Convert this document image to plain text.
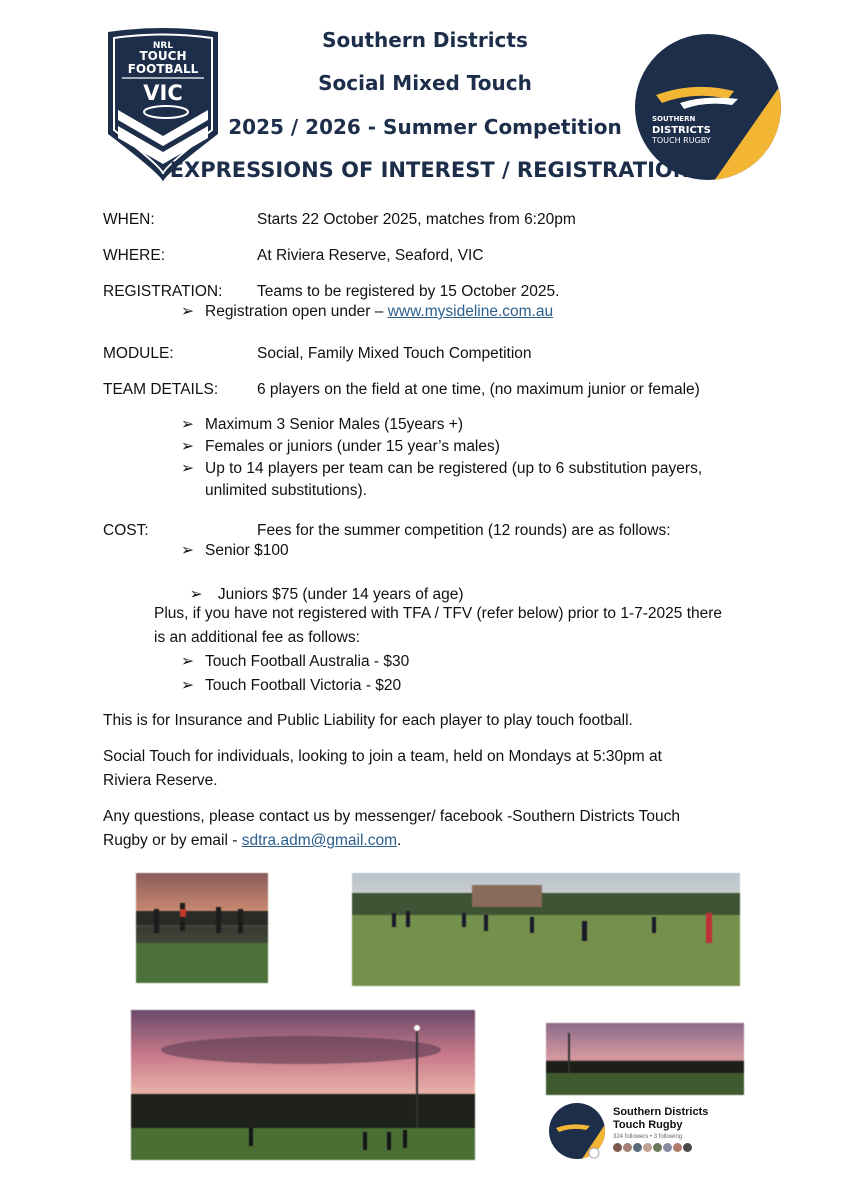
NRL
TOUCH
FOOTBALL
VIC
SOUTHERN
DISTRICTS
TOUCH RUGBY
Southern Districts
Social Mixed Touch
2025 / 2026 - Summer Competition
EXPRESSIONS OF INTEREST / REGISTRATION
WHEN:	Starts 22 October 2025, matches from 6:20pm
WHERE:	At Riviera Reserve, Seaford, VIC
REGISTRATION: Teams to be registered by 15 October 2025.
➢ Registration open under – www.mysideline.com.au
MODULE:	Social, Family Mixed Touch Competition
TEAM DETAILS:	6 players on the field at one time, (no maximum junior or female)
➢ Maximum 3 Senior Males (15years +)
➢ Females or juniors (under 15 year’s males)
➢ Up to 14 players per team can be registered (up to 6 substitution payers,
unlimited substitutions).
COST:	Fees for the summer competition (12 rounds) are as follows:
➢ Senior $100

➢ Juniors $75 (under 14 years of age)

Plus, if you have not registered with TFA / TFV (refer below) prior to 1-7-2025 there
is an additional fee as follows:
➢ Touch Football Australia - $30
➢ Touch Football Victoria - $20
This is for Insurance and Public Liability for each player to play touch football.
Social Touch for individuals, looking to join a team, held on Mondays at 5:30pm at
Riviera Reserve.
Any questions, please contact us by messenger/ facebook -Southern Districts Touch
Rugby or by email - sdtra.adm@gmail.com.
Southern Districts
Touch Rugby
324 followers • 3 following
